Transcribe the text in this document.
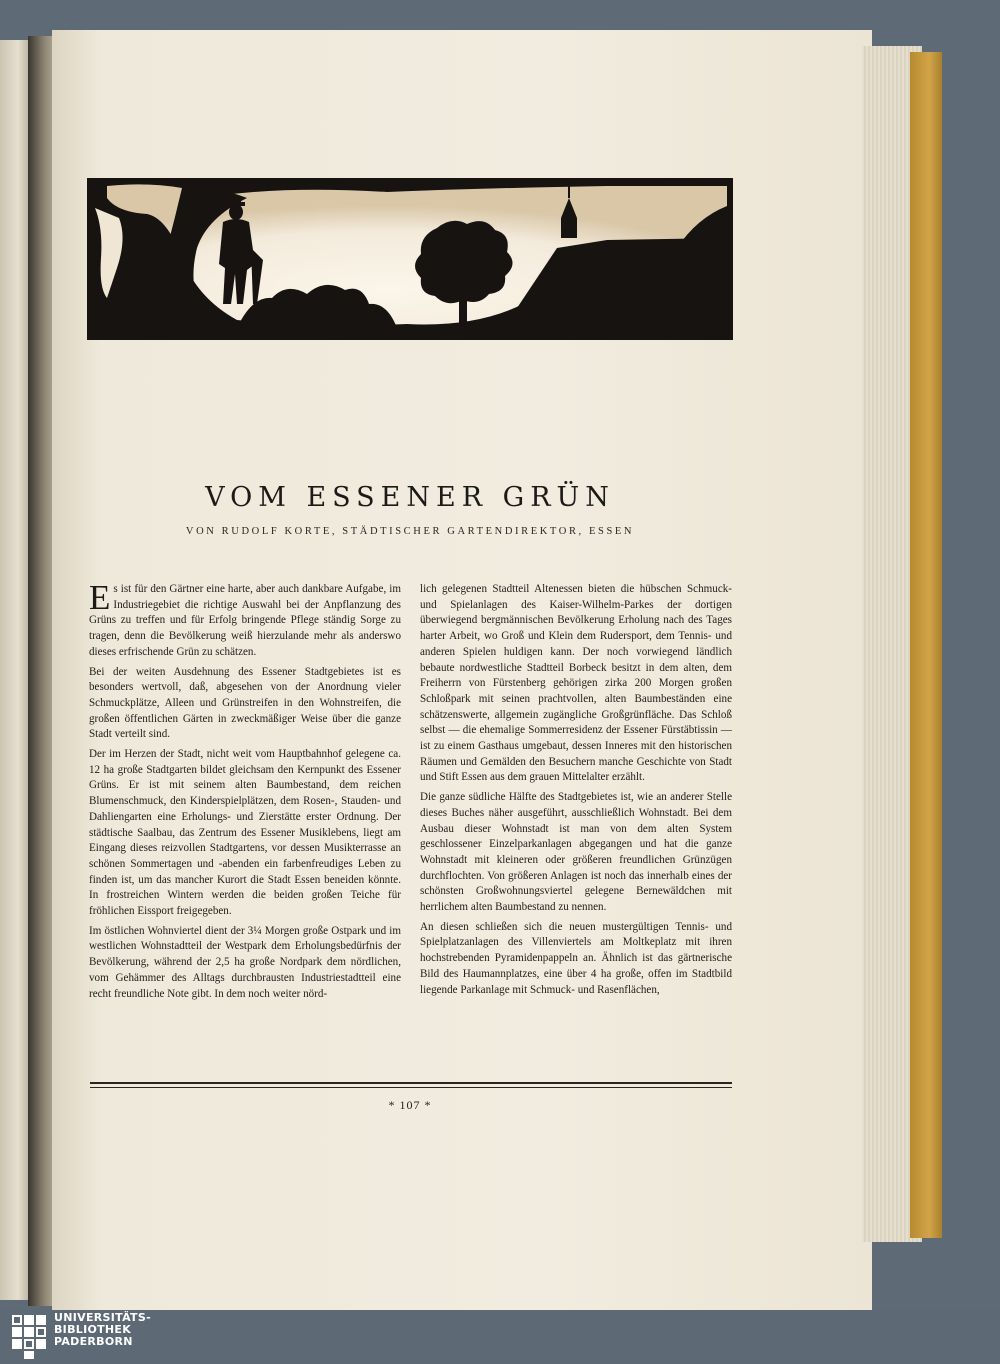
VOM ESSENER GRÜN
VON RUDOLF KORTE, STÄDTISCHER GARTENDIREKTOR, ESSEN

Es ist für den Gärtner eine harte, aber auch dankbare Aufgabe, im Industriegebiet die richtige Auswahl bei der Anpflanzung des Grüns zu treffen und für Erfolg bringende Pflege ständig Sorge zu tragen, denn die Bevölkerung weiß hierzulande mehr als anderswo dieses erfrischende Grün zu schätzen.

Bei der weiten Ausdehnung des Essener Stadtgebietes ist es besonders wertvoll, daß, abgesehen von der Anordnung vieler Schmuckplätze, Alleen und Grünstreifen in den Wohnstreifen, die großen öffentlichen Gärten in zweckmäßiger Weise über die ganze Stadt verteilt sind.

Der im Herzen der Stadt, nicht weit vom Hauptbahnhof gelegene ca. 12 ha große Stadtgarten bildet gleichsam den Kernpunkt des Essener Grüns. Er ist mit seinem alten Baumbestand, dem reichen Blumenschmuck, den Kinderspielplätzen, dem Rosen-, Stauden- und Dahliengarten eine Erholungs- und Zierstätte erster Ordnung. Der städtische Saalbau, das Zentrum des Essener Musiklebens, liegt am Eingang dieses reizvollen Stadtgartens, vor dessen Musikterrasse an schönen Sommertagen und -abenden ein farbenfreudiges Leben zu finden ist, um das mancher Kurort die Stadt Essen beneiden könnte. In frostreichen Wintern werden die beiden großen Teiche für fröhlichen Eissport freigegeben.

Im östlichen Wohnviertel dient der 3¼ Morgen große Ostpark und im westlichen Wohnstadtteil der Westpark dem Erholungsbedürfnis der Bevölkerung, während der 2,5 ha große Nordpark dem nördlichen, vom Gehämmer des Alltags durchbrausten Industriestadtteil eine recht freundliche Note gibt. In dem noch weiter nörd-

lich gelegenen Stadtteil Altenessen bieten die hübschen Schmuck- und Spielanlagen des Kaiser-Wilhelm-Parkes der dortigen überwiegend bergmännischen Bevölkerung Erholung nach des Tages harter Arbeit, wo Groß und Klein dem Rudersport, dem Tennis- und anderen Spielen huldigen kann. Der noch vorwiegend ländlich bebaute nordwestliche Stadtteil Borbeck besitzt in dem alten, dem Freiherrn von Fürstenberg gehörigen zirka 200 Morgen großen Schloßpark mit seinen prachtvollen, alten Baumbeständen eine schätzenswerte, allgemein zugängliche Großgrünfläche. Das Schloß selbst — die ehemalige Sommerresidenz der Essener Fürstäbtissin — ist zu einem Gasthaus umgebaut, dessen Inneres mit den historischen Räumen und Gemälden den Besuchern manche Geschichte von Stadt und Stift Essen aus dem grauen Mittelalter erzählt.

Die ganze südliche Hälfte des Stadtgebietes ist, wie an anderer Stelle dieses Buches näher ausgeführt, ausschließlich Wohnstadt. Bei dem Ausbau dieser Wohnstadt ist man von dem alten System geschlossener Einzelparkanlagen abgegangen und hat die ganze Wohnstadt mit kleineren oder größeren freundlichen Grünzügen durchflochten. Von größeren Anlagen ist noch das innerhalb eines der schönsten Großwohnungsviertel gelegene Bernewäldchen mit herrlichem alten Baumbestand zu nennen.

An diesen schließen sich die neuen mustergültigen Tennis- und Spielplatzanlagen des Villenviertels am Moltkeplatz mit ihren hochstrebenden Pyramidenpappeln an. Ähnlich ist das gärtnerische Bild des Haumannplatzes, eine über 4 ha große, offen im Stadtbild liegende Parkanlage mit Schmuck- und Rasenflächen,

* 107 *
UNIVERSITÄTS-
BIBLIOTHEK
PADERBORN
